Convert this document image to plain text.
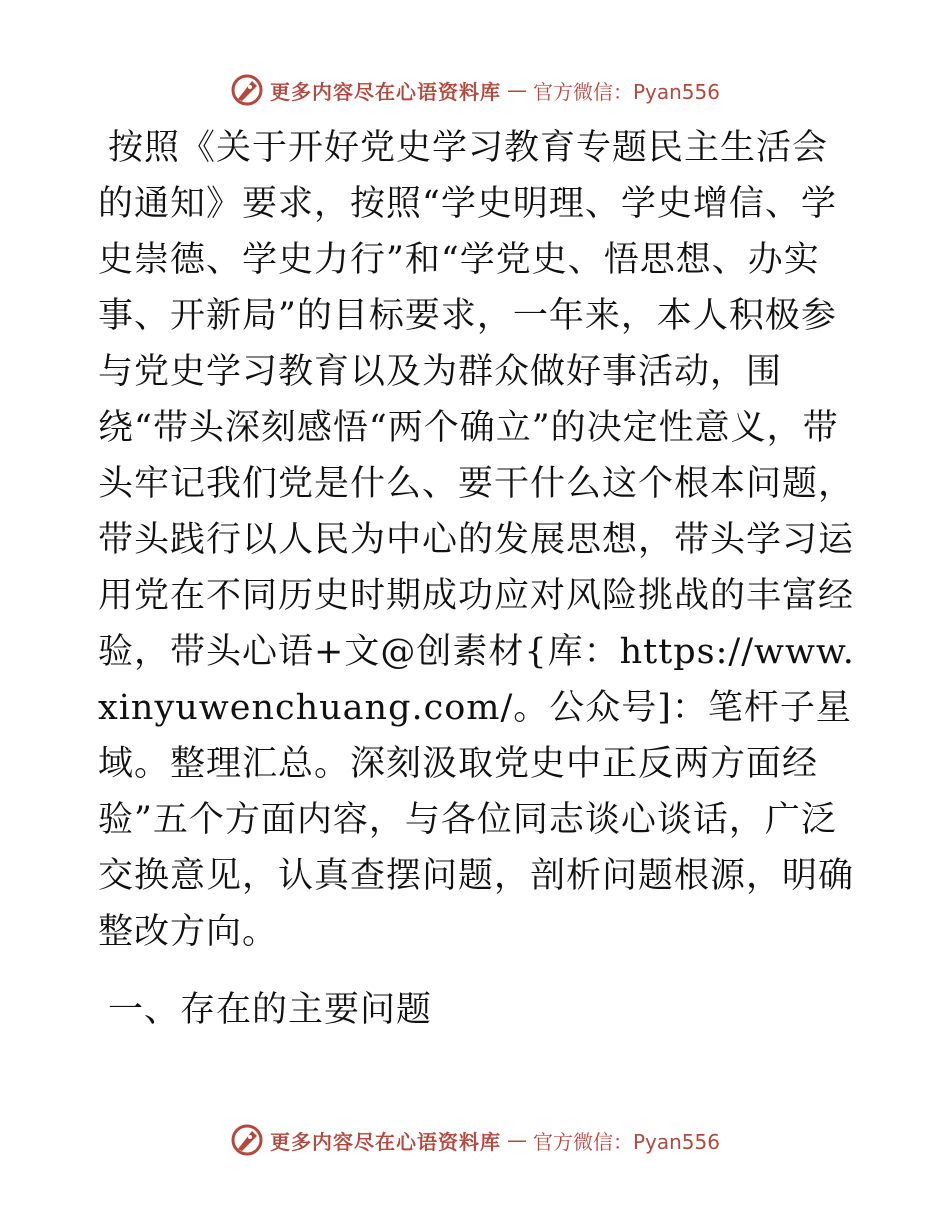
更多内容尽在心语资料库 — 官方微信：Pyan556

按照《关于开好党史学习教育专题民主生活会的通知》要求，按照“学史明理、学史增信、学史崇德、学史力行”和“学党史、悟思想、办实事、开新局”的目标要求，一年来，本人积极参与党史学习教育以及为群众做好事活动，围绕“带头深刻感悟“两个确立”的决定性意义，带头牢记我们党是什么、要干什么这个根本问题，带头践行以人民为中心的发展思想，带头学习运用党在不同历史时期成功应对风险挑战的丰富经验，带头心语+文@创素材{库：https://www.xinyuwenchuang.com/。公众号]：笔杆子星域。整理汇总。深刻汲取党史中正反两方面经验”五个方面内容，与各位同志谈心谈话，广泛交换意见，认真查摆问题，剖析问题根源，明确整改方向。

一、存在的主要问题

更多内容尽在心语资料库 — 官方微信：Pyan556
